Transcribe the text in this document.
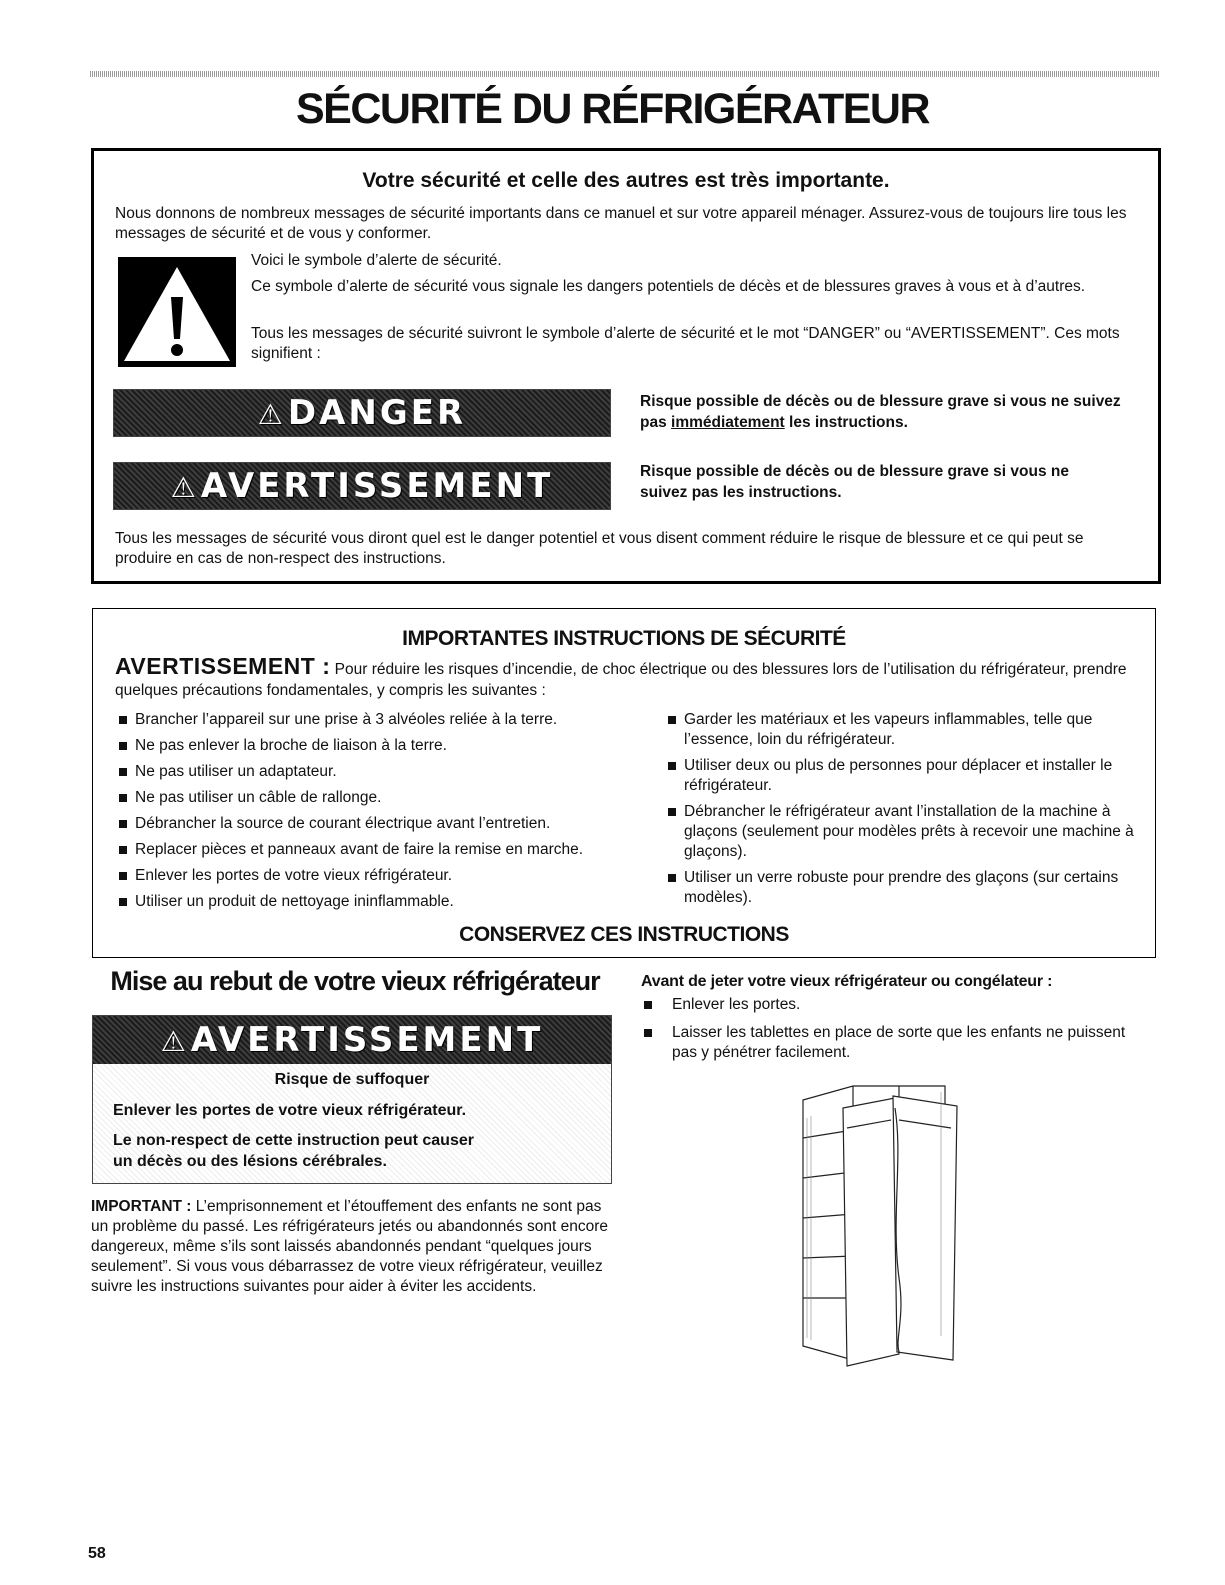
SÉCURITÉ DU RÉFRIGÉRATEUR
Votre sécurité et celle des autres est très importante.

Nous donnons de nombreux messages de sécurité importants dans ce manuel et sur votre appareil ménager. Assurez-vous de toujours lire tous les messages de sécurité et de vous y conformer.

Voici le symbole d’alerte de sécurité.

Ce symbole d’alerte de sécurité vous signale les dangers potentiels de décès et de blessures graves à vous et à d’autres.

Tous les messages de sécurité suivront le symbole d’alerte de sécurité et le mot “DANGER” ou “AVERTISSEMENT”. Ces mots signifient :

⚠DANGER	Risque possible de décès ou de blessure grave si vous ne suivez pas immédiatement les instructions.

⚠AVERTISSEMENT	Risque possible de décès ou de blessure grave si vous ne suivez pas les instructions.

Tous les messages de sécurité vous diront quel est le danger potentiel et vous disent comment réduire le risque de blessure et ce qui peut se produire en cas de non-respect des instructions.

IMPORTANTES INSTRUCTIONS DE SÉCURITÉ

AVERTISSEMENT : Pour réduire les risques d’incendie, de choc électrique ou des blessures lors de l’utilisation du réfrigérateur, prendre quelques précautions fondamentales, y compris les suivantes :

Brancher l’appareil sur une prise à 3 alvéoles reliée à la terre.
Ne pas enlever la broche de liaison à la terre.
Ne pas utiliser un adaptateur.
Ne pas utiliser un câble de rallonge.
Débrancher la source de courant électrique avant l’entretien.
Replacer pièces et panneaux avant de faire la remise en marche.
Enlever les portes de votre vieux réfrigérateur.
Utiliser un produit de nettoyage ininflammable.
Garder les matériaux et les vapeurs inflammables, telle que l’essence, loin du réfrigérateur.
Utiliser deux ou plus de personnes pour déplacer et installer le réfrigérateur.
Débrancher le réfrigérateur avant l’installation de la machine à glaçons (seulement pour modèles prêts à recevoir une machine à glaçons).
Utiliser un verre robuste pour prendre des glaçons (sur certains modèles).
CONSERVEZ CES INSTRUCTIONS
Mise au rebut de votre vieux réfrigérateur
⚠AVERTISSEMENT
Risque de suffoquer
Enlever les portes de votre vieux réfrigérateur.
Le non-respect de cette instruction peut causer
un décès ou des lésions cérébrales.

IMPORTANT : L’emprisonnement et l’étouffement des enfants ne sont pas un problème du passé. Les réfrigérateurs jetés ou abandonnés sont encore dangereux, même s’ils sont laissés abandonnés pendant “quelques jours seulement”. Si vous vous débarrassez de votre vieux réfrigérateur, veuillez suivre les instructions suivantes pour aider à éviter les accidents.

Avant de jeter votre vieux réfrigérateur ou congélateur :
Enlever les portes.
Laisser les tablettes en place de sorte que les enfants ne puissent pas y pénétrer facilement.
58
